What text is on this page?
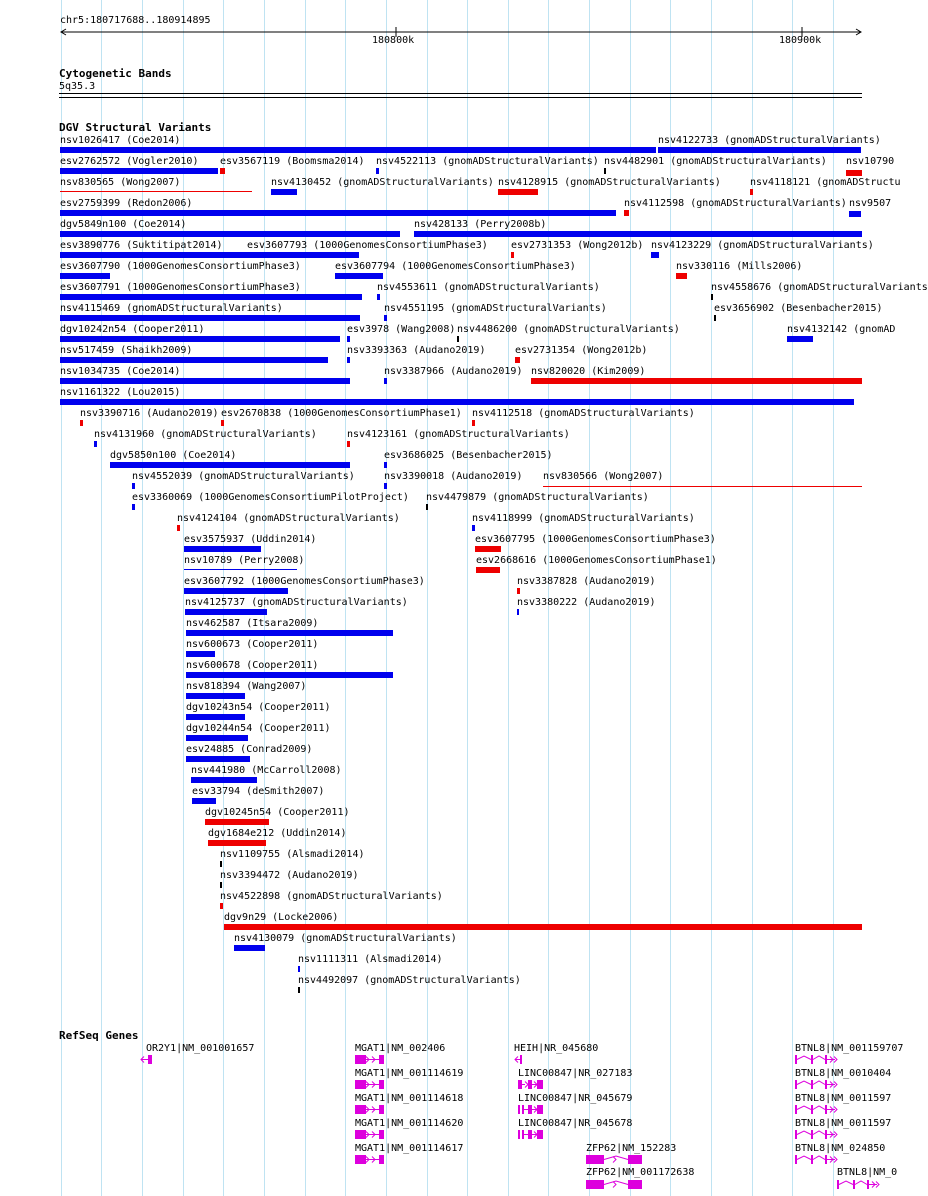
chr5:180717688..180914895
180800k	180900k
Cytogenetic Bands
5q35.3
DGV Structural Variants
nsv1026417 (Coe2014)	nsv4122733 (gnomADStructuralVariants)
esv2762572 (Vogler2010) esv3567119 (Boomsma2014) nsv4522113 (gnomADStructuralVariants) nsv4482901 (gnomADStructuralVariants) nsv10790
nsv830565 (Wong2007)	nsv4130452 (gnomADStructuralVariants) nsv4128915 (gnomADStructuralVariants)	nsv4118121 (gnomADStructu
esv2759399 (Redon2006)	nsv4112598 (gnomADStructuralVariants) nsv9507
dgv5849n100 (Coe2014)	nsv428133 (Perry2008b)
esv3890776 (Suktitipat2014) esv3607793 (1000GenomesConsortiumPhase3) esv2731353 (Wong2012b) nsv4123229 (gnomADStructuralVariants)
esv3607790 (1000GenomesConsortiumPhase3)	esv3607794 (1000GenomesConsortiumPhase3)	nsv330116 (Mills2006)
esv3607791 (1000GenomesConsortiumPhase3)	nsv4553611 (gnomADStructuralVariants)	nsv4558676 (gnomADStructuralVariants
nsv4115469 (gnomADStructuralVariants)	nsv4551195 (gnomADStructuralVariants)	esv3656902 (Besenbacher2015)
dgv10242n54 (Cooper2011)	esv3978 (Wang2008) nsv4486200 (gnomADStructuralVariants)	nsv4132142 (gnomAD
nsv517459 (Shaikh2009)	nsv3393363 (Audano2019)	esv2731354 (Wong2012b)
nsv1034735 (Coe2014)	nsv3387966 (Audano2019) nsv820020 (Kim2009)
nsv1161322 (Lou2015)
nsv3390716 (Audano2019) esv2670838 (1000GenomesConsortiumPhase1) nsv4112518 (gnomADStructuralVariants)
nsv4131960 (gnomADStructuralVariants)	nsv4123161 (gnomADStructuralVariants)
dgv5850n100 (Coe2014)	esv3686025 (Besenbacher2015)
nsv4552039 (gnomADStructuralVariants)	nsv3390018 (Audano2019) nsv830566 (Wong2007)
esv3360069 (1000GenomesConsortiumPilotProject) nsv4479879 (gnomADStructuralVariants)
nsv4124104 (gnomADStructuralVariants)	nsv4118999 (gnomADStructuralVariants)
esv3575937 (Uddin2014)	esv3607795 (1000GenomesConsortiumPhase3)
nsv10789 (Perry2008)	esv2668616 (1000GenomesConsortiumPhase1)
esv3607792 (1000GenomesConsortiumPhase3)	nsv3387828 (Audano2019)
nsv4125737 (gnomADStructuralVariants)	nsv3380222 (Audano2019)
nsv462587 (Itsara2009)
nsv600673 (Cooper2011)
nsv600678 (Cooper2011)
nsv818394 (Wang2007)
dgv10243n54 (Cooper2011)
dgv10244n54 (Cooper2011)
esv24885 (Conrad2009)
nsv441980 (McCarroll2008)
esv33794 (deSmith2007)
dgv10245n54 (Cooper2011)
dgv1684e212 (Uddin2014)
nsv1109755 (Alsmadi2014)
nsv3394472 (Audano2019)
nsv4522898 (gnomADStructuralVariants)
dgv9n29 (Locke2006)
nsv4130079 (gnomADStructuralVariants)
nsv1111311 (Alsmadi2014)
nsv4492097 (gnomADStructuralVariants)
RefSeq Genes
OR2Y1|NM_001001657	MGAT1|NM_002406	HEIH|NR_045680	BTNL8|NM_001159707
MGAT1|NM_001114619	LINC00847|NR_027183	BTNL8|NM_0010404
MGAT1|NM_001114618	LINC00847|NR_045679	BTNL8|NM_0011597
MGAT1|NM_001114620	LINC00847|NR_045678	BTNL8|NM_0011597
MGAT1|NM_001114617	ZFP62|NM_152283	BTNL8|NM_024850
ZFP62|NM_001172638	BTNL8|NM_0
